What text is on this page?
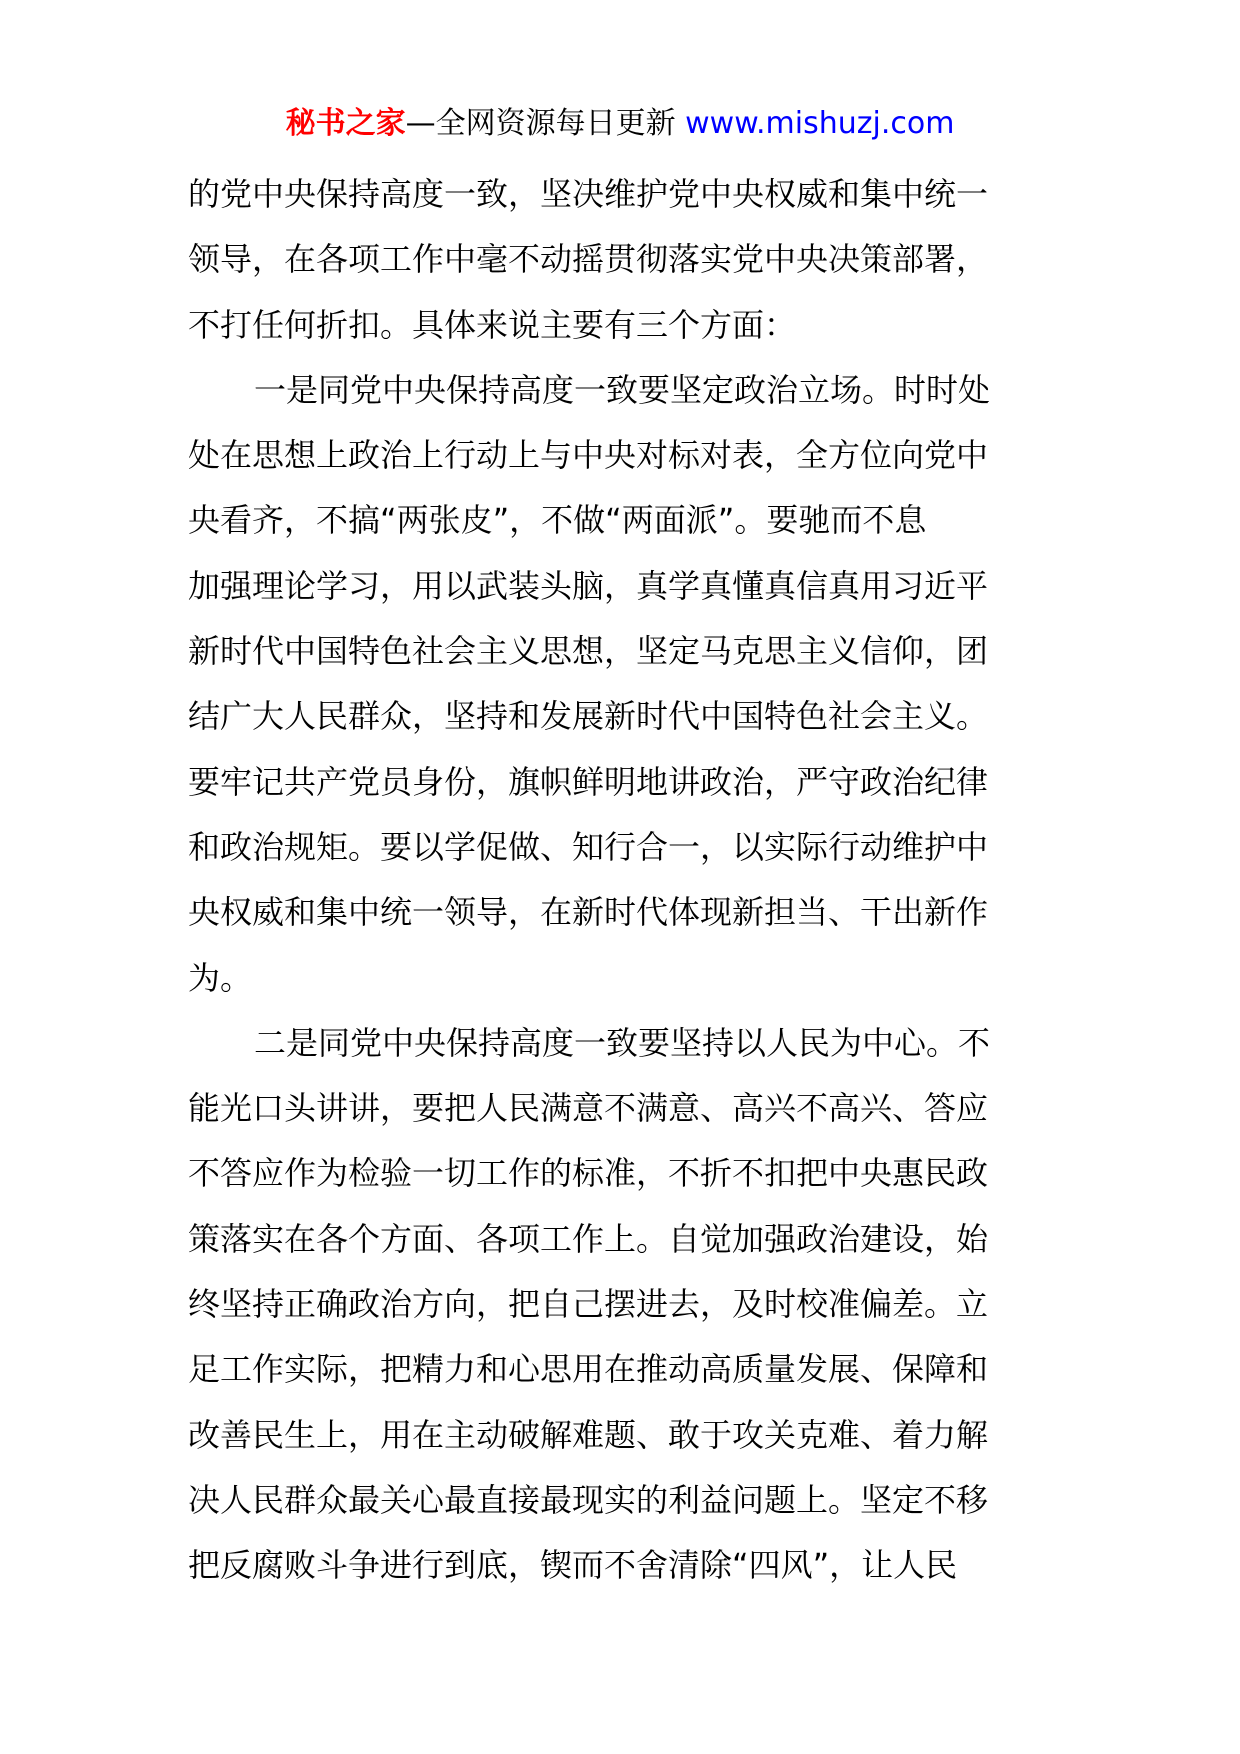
秘书之家—全网资源每日更新 www.mishuzj.com
的党中央保持高度一致，坚决维护党中央权威和集中统一
领导，在各项工作中毫不动摇贯彻落实党中央决策部署，
不打任何折扣。具体来说主要有三个方面：
一是同党中央保持高度一致要坚定政治立场。时时处
处在思想上政治上行动上与中央对标对表，全方位向党中
央看齐，不搞“两张皮”，不做“两面派”。要驰而不息
加强理论学习，用以武装头脑，真学真懂真信真用习近平
新时代中国特色社会主义思想，坚定马克思主义信仰，团
结广大人民群众，坚持和发展新时代中国特色社会主义。
要牢记共产党员身份，旗帜鲜明地讲政治，严守政治纪律
和政治规矩。要以学促做、知行合一，以实际行动维护中
央权威和集中统一领导，在新时代体现新担当、干出新作
为。
二是同党中央保持高度一致要坚持以人民为中心。不
能光口头讲讲，要把人民满意不满意、高兴不高兴、答应
不答应作为检验一切工作的标准，不折不扣把中央惠民政
策落实在各个方面、各项工作上。自觉加强政治建设，始
终坚持正确政治方向，把自己摆进去，及时校准偏差。立
足工作实际，把精力和心思用在推动高质量发展、保障和
改善民生上，用在主动破解难题、敢于攻关克难、着力解
决人民群众最关心最直接最现实的利益问题上。坚定不移
把反腐败斗争进行到底，锲而不舍清除“四风”，让人民
